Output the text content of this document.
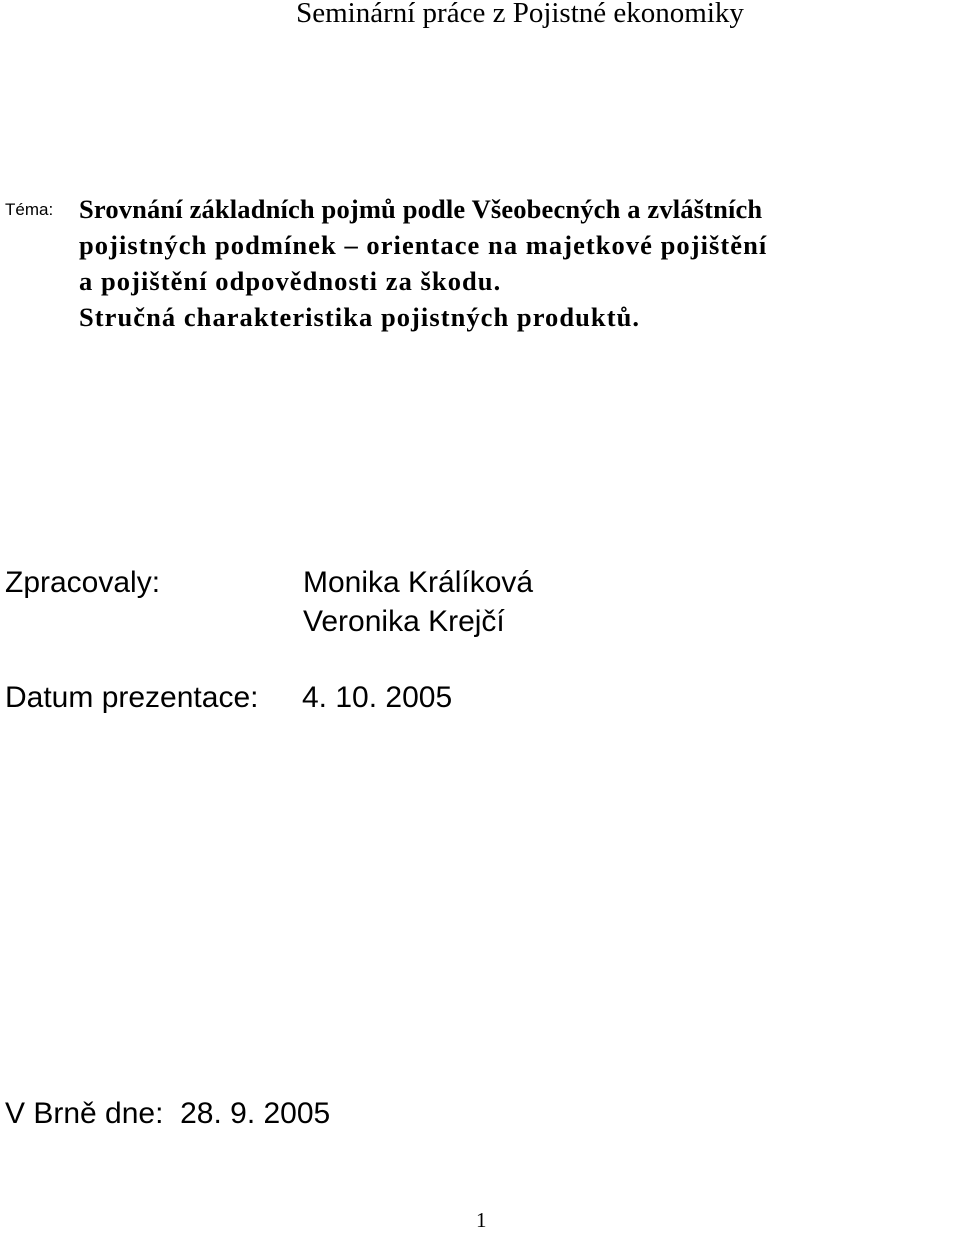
Seminární práce z Pojistné ekonomiky
Téma: Srovnání základních pojmů podle Všeobecných a zvláštních
pojistných podmínek – orientace na majetkové pojištění
a pojištění odpovědnosti za škodu.
Stručná charakteristika pojistných produktů.
Zpracovaly:	Monika Králíková
Veronika Krejčí
Datum prezentace: 4. 10. 2005
V Brně dne:  28. 9. 2005
1
